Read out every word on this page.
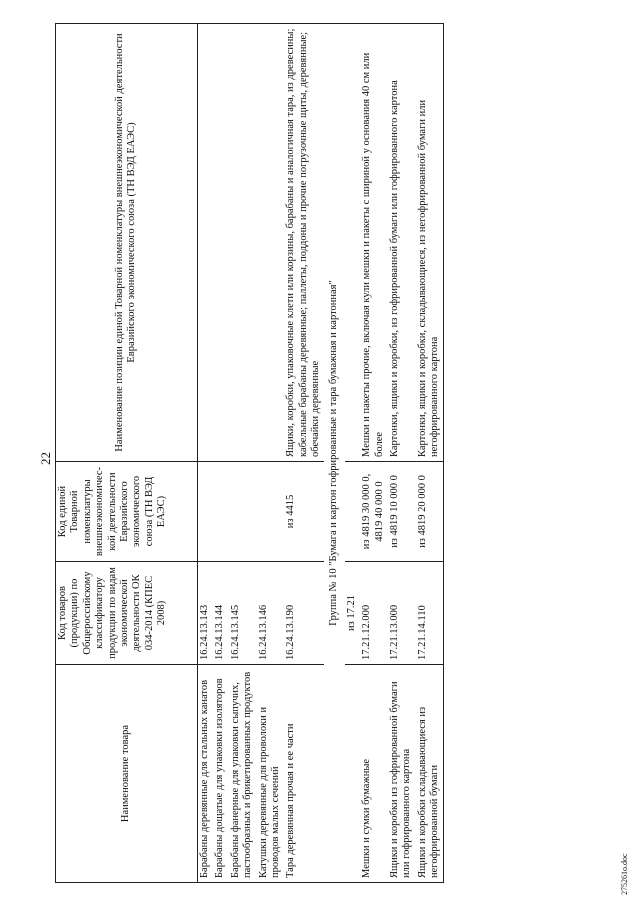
22
Наименование товара	Код товаров (продукции) по Общероссийскому классификатору продукции по видам экономической деятельности ОК 034-2014 (КПЕС 2008)	Код единой Товарной номенклатуры внешнеэкономичес-кой деятельности Евразийского экономического союза (ТН ВЭД ЕАЭС)	Наименование позиции единой Товарной номенклатуры внешнеэкономической деятельности Евразийского экономического союза (ТН ВЭД ЕАЭС)
Барабаны деревянные для стальных канатов	16.24.13.143		
Барабаны дощатые для упаковки изоляторов	16.24.13.144		
Барабаны фанерные для упаковки сыпучих, пастообразных и брикетированных продуктов	16.24.13.145		
Катушки деревянные для проволоки и проводов малых сечений	16.24.13.146		
Тара деревянная прочая и ее части	16.24.13.190	из 4415	Ящики, коробки, упаковочные клети или корзины, барабаны и аналогичная тара, из древесины; кабельные барабаны деревянные; паллеты, поддоны и прочие погрузочные щиты, деревянные; обечайки деревянные
Группа № 10 "Бумага и картон гофрированные и тара бумажная и картонная"			
	из 17.21		
Мешки и сумки бумажные	17.21.12.000	из 4819 30 000 0, 4819 40 000 0	Мешки и пакеты прочие, включая кули мешки и пакеты с шириной у основания 40 см или более
Ящики и коробки из гофрированной бумаги или гофрированного картона	17.21.13.000	из 4819 10 000 0	Картонки, ящики и коробки, из гофрированной бумаги или гофрированного картона
Ящики и коробки складывающиеся из негофрированной бумаги	17.21.14.110	из 4819 20 000 0	Картонки, ящики и коробки, складывающиеся, из негофрированной бумаги или негофрированного картона
275261о.doc
